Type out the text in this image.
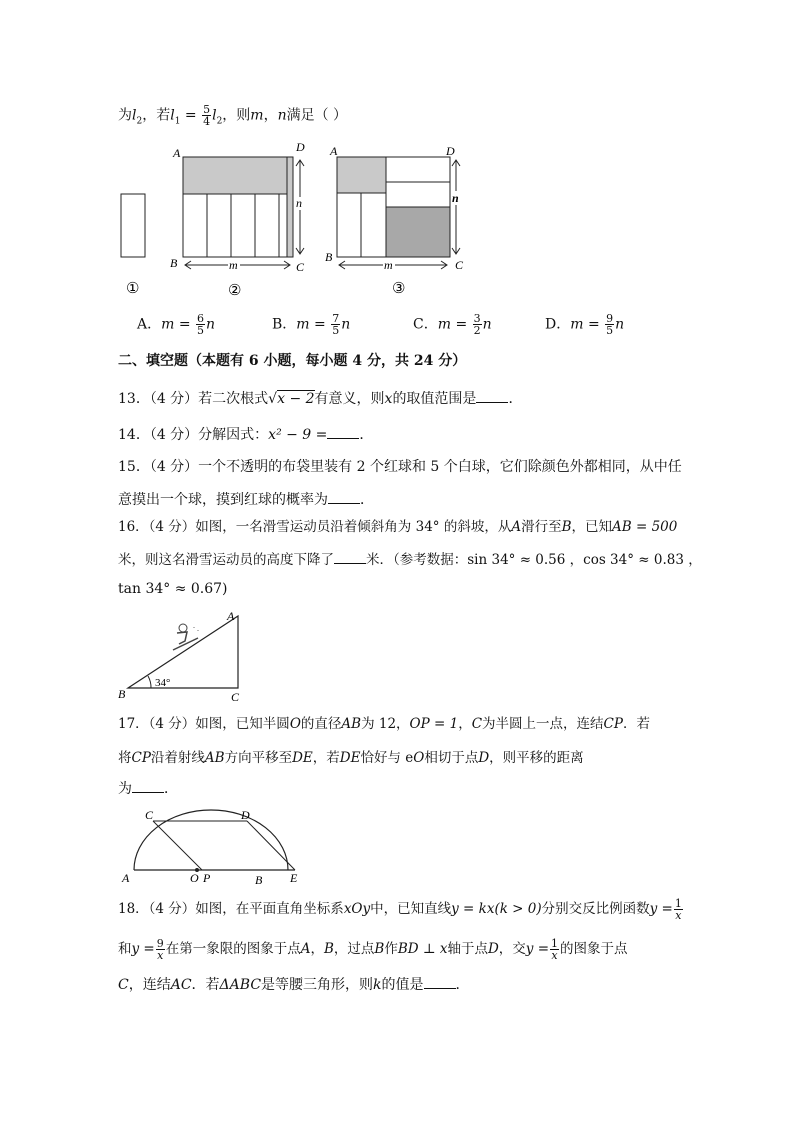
为$l_2$，若$l_1 = \frac{5}{4} l_2$，则m，n满足（ ）
①
A	D
B	C
m
n
②
A	D
B
C
m
n
③
A．$m = \frac{6}{5}$ n	B．$m = \frac{7}{5}$ n	C．$m = \frac{3}{2}$ n	D．$m = \frac{9}{5}$ n
二、填空题（本题有 6 小题，每小题 4 分，共 24 分）
13．（4 分）若二次根式√x − 2有意义，则x的取值范围是 ．
14．（4 分）分解因式：x² − 9 = ．
15．（4 分）一个不透明的布袋里装有 2 个红球和 5 个白球，它们除颜色外都相同，从中任
意摸出一个球，摸到红球的概率为 ．
16．（4 分）如图，一名滑雪运动员沿着倾斜角为 34° 的斜坡，从A滑行至B，已知AB = 500
米，则这名滑雪运动员的高度下降了 米．（参考数据：sin 34° ≈ 0.56 ，cos 34° ≈ 0.83 ，
tan 34° ≈ 0.67)
34°
A
B	C
. .
17．（4 分）如图，已知半圆O的直径AB为 12，OP = 1，C为半圆上一点，连结CP．若
将CP沿着射线AB方向平移至DE，若DE恰好与 eO相切于点D，则平移的距离
为 ．
C	D
A	O P	B E
18．（4 分）如图，在平面直角坐标系xOy中，已知直线y = kx(k > 0)分别交反比例函数$y = \frac{1}{x}$
和$y = \frac{9}{x}$ 在第一象限的图象于点A，B，过点B作BD ⊥ x轴于点D，交$y = \frac{1}{x}$ 的图象于点
C，连结AC．若ΔABC是等腰三角形，则k的值是 ．
